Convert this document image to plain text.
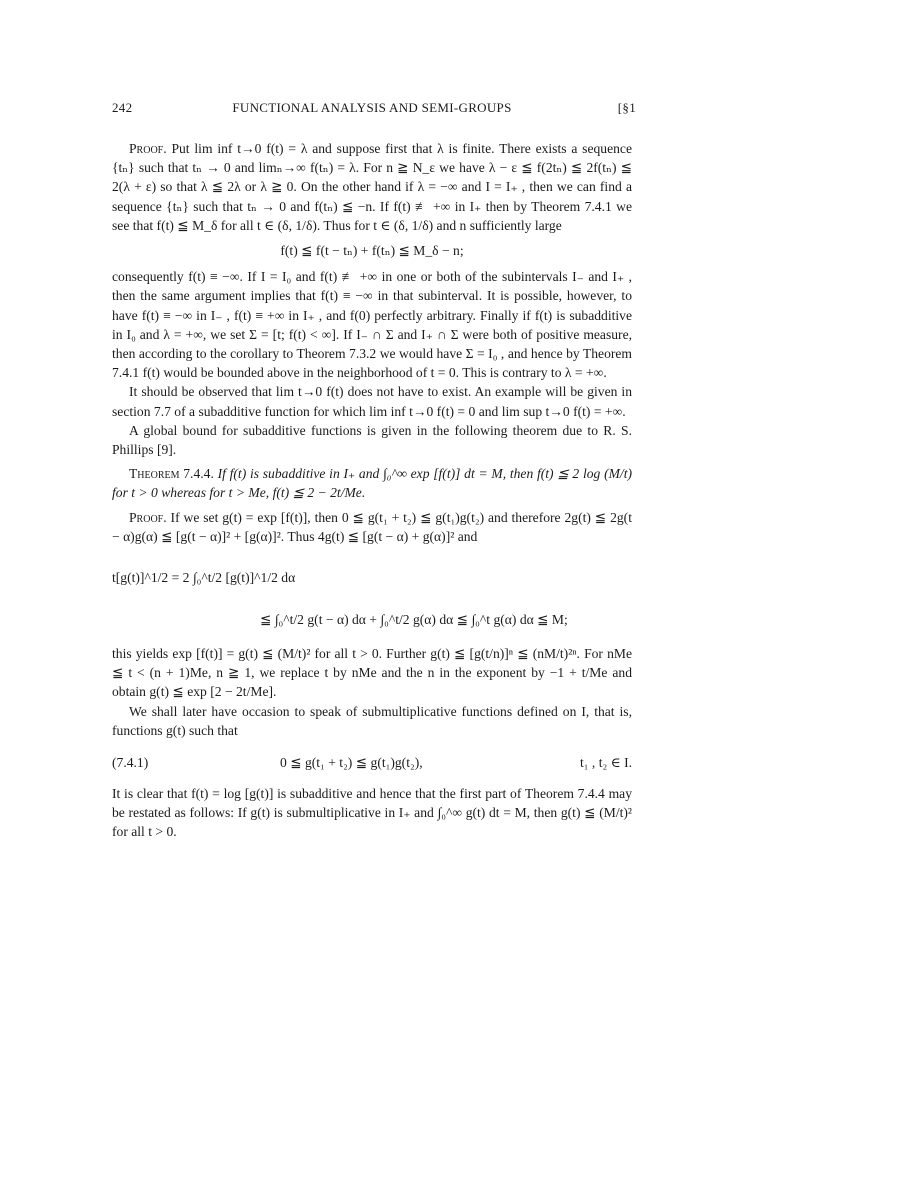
242	FUNCTIONAL ANALYSIS AND SEMI-GROUPS	[§1

Proof. Put lim inf t→0 f(t) = λ and suppose first that λ is finite. There exists a sequence {tₙ} such that tₙ → 0 and limₙ→∞ f(tₙ) = λ. For n ≧ N_ε we have λ − ε ≦ f(2tₙ) ≦ 2f(tₙ) ≦ 2(λ + ε) so that λ ≦ 2λ or λ ≧ 0. On the other hand if λ = −∞ and I = I₊ , then we can find a sequence {tₙ} such that tₙ → 0 and f(tₙ) ≦ −n. If f(t) ≢ +∞ in I₊ then by Theorem 7.4.1 we see that f(t) ≦ M_δ for all t ∈ (δ, 1/δ). Thus for t ∈ (δ, 1/δ) and n sufficiently large

f(t) ≦ f(t − tₙ) + f(tₙ) ≦ M_δ − n;

consequently f(t) ≡ −∞. If I = I₀ and f(t) ≢ +∞ in one or both of the subintervals I₋ and I₊ , then the same argument implies that f(t) ≡ −∞ in that subinterval. It is possible, however, to have f(t) ≡ −∞ in I₋ , f(t) ≡ +∞ in I₊ , and f(0) perfectly arbitrary. Finally if f(t) is subadditive in I₀ and λ = +∞, we set Σ = [t; f(t) < ∞]. If I₋ ∩ Σ and I₊ ∩ Σ were both of positive measure, then according to the corollary to Theorem 7.3.2 we would have Σ = I₀ , and hence by Theorem 7.4.1 f(t) would be bounded above in the neighborhood of t = 0. This is contrary to λ = +∞.

It should be observed that lim t→0 f(t) does not have to exist. An example will be given in section 7.7 of a subadditive function for which lim inf t→0 f(t) = 0 and lim sup t→0 f(t) = +∞.

A global bound for subadditive functions is given in the following theorem due to R. S. Phillips [9].

Theorem 7.4.4. If f(t) is subadditive in I₊ and ∫₀^∞ exp [f(t)] dt = M, then f(t) ≦ 2 log (M/t) for t > 0 whereas for t > Me, f(t) ≦ 2 − 2t/Me.

Proof. If we set g(t) = exp [f(t)], then 0 ≦ g(t₁ + t₂) ≦ g(t₁)g(t₂) and therefore 2g(t) ≦ 2g(t − α)g(α) ≦ [g(t − α)]² + [g(α)]². Thus 4g(t) ≦ [g(t − α) + g(α)]² and

t[g(t)]^1/2 = 2 ∫₀^t/2 [g(t)]^1/2 dα
≦ ∫₀^t/2 g(t − α) dα + ∫₀^t/2 g(α) dα ≦ ∫₀^t g(α) dα ≦ M;

this yields exp [f(t)] = g(t) ≦ (M/t)² for all t > 0. Further g(t) ≦ [g(t/n)]ⁿ ≦ (nM/t)²ⁿ. For nMe ≦ t < (n + 1)Me, n ≧ 1, we replace t by nMe and the n in the exponent by −1 + t/Me and obtain g(t) ≦ exp [2 − 2t/Me].

We shall later have occasion to speak of submultiplicative functions defined on I, that is, functions g(t) such that

(7.4.1)	0 ≦ g(t₁ + t₂) ≦ g(t₁)g(t₂),	t₁ , t₂ ∈ I.

It is clear that f(t) = log [g(t)] is subadditive and hence that the first part of Theorem 7.4.4 may be restated as follows: If g(t) is submultiplicative in I₊ and ∫₀^∞ g(t) dt = M, then g(t) ≦ (M/t)² for all t > 0.
